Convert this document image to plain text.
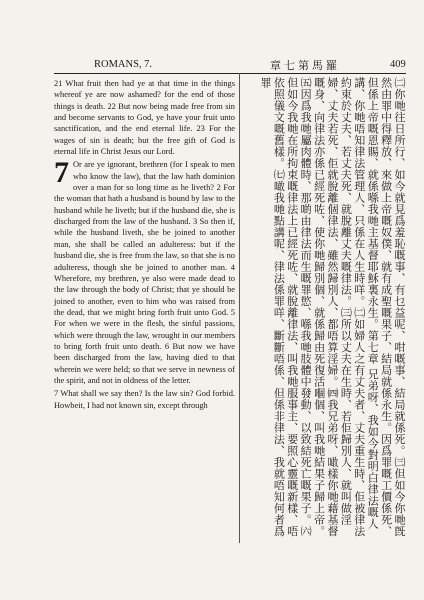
ROMANS, 7.	章七第馬羅	409

21 What fruit then had ye at that time in the things whereof ye are now ashamed? for the end of those things is death. 22 But now being made free from sin and become servants to God, ye have your fruit unto sanctification, and the end eternal life. 23 For the wages of sin is death; but the free gift of God is eternal life in Christ Jesus our Lord.

7 Or are ye ignorant, brethren (for I speak to men who know the law), that the law hath dominion over a man for so long time as he liveth? 2 For the woman that hath a husband is bound by law to the husband while he liveth; but if the husband die, she is discharged from the law of the husband. 3 So then if, while the husband liveth, she be joined to another man, she shall be called an adulteress: but if the husband die, she is free from the law, so that she is no adulteress, though she be joined to another man. 4 Wherefore, my brethren, ye also were made dead to the law through the body of Christ; that ye should be joined to another, even to him who was raised from the dead, that we might bring forth fruit unto God. 5 For when we were in the flesh, the sinful passions, which were through the law, wrought in our members to bring forth fruit unto death. 6 But now we have been discharged from the law, having died to that wherein we were held; so that we serve in newness of the spirit, and not in oldness of the letter.

7 What shall we say then? Is the law sin? God forbid. Howbeit, I had not known sin, except through	㈡你哋往日所行、如今就見爲羞恥嘅事、有乜益呢、咁嘅事、結局就係死。㈢但如今你哋旣然由罪中得釋放、來做上帝嘅奴僕、就有成聖嘅果子、結局就係永生。因爲罪嘅工價係死、但係上帝嘅恩賜、就係喺我哋主基督耶穌裏永生。第七章 兄弟呀、我如今對明白律法嘅人講、你哋唔知律法管理人、只係在人生時咩。㈡如婦人之有丈夫者、丈夫重生時、佢被律法約束於丈夫、若丈夫死、就脫離丈夫嘅律法。㈢所以丈夫在生時、若佢歸別人、就叫做淫婦、丈夫若死、佢就脫離個律法、雖然歸別人、都唔算淫婦。㈣我兄弟呀、噉樣你哋藉基督嘅身、向律法亦係已經死咗、使你哋歸別個、就係歸由死復活嗰個、叫我哋結果子歸上帝。㈤因爲我哋屬肉體時、那啲由律法而生嘅罪慾、喺我哋肢體中發動、以致結死亡嘅果子。㈥但如今我哋在所拘束嘅律法上已經死咗、就脫離律法、叫我哋服事主、要照心靈嘅新樣、唔依照儀文嘅舊樣。㈦噉我哋點講呢、律法係罪咩、斷斷唔係、但係非律法、我就唔知何者爲罪
